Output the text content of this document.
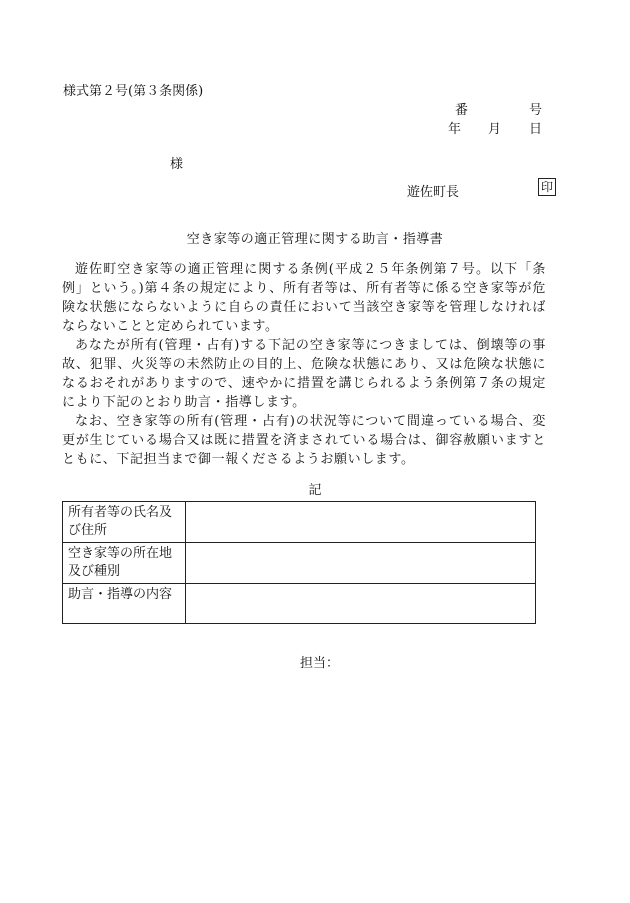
様式第２号(第３条関係)
番	号
年 月 日
様
遊佐町長	印
空き家等の適正管理に関する助言・指導書

遊佐町空き家等の適正管理に関する条例(平成２５年条例第７号。以下「条例」という。)第４条の規定により、所有者等は、所有者等に係る空き家等が危険な状態にならないように自らの責任において当該空き家等を管理しなければならないことと定められています。

あなたが所有(管理・占有)する下記の空き家等につきましては、倒壊等の事故、犯罪、火災等の未然防止の目的上、危険な状態にあり、又は危険な状態になるおそれがありますので、速やかに措置を講じられるよう条例第７条の規定により下記のとおり助言・指導します。

なお、空き家等の所有(管理・占有)の状況等について間違っている場合、変更が生じている場合又は既に措置を済まされている場合は、御容赦願いますとともに、下記担当まで御一報くださるようお願いします。

記
所有者等の氏名及び住所	
空き家等の所在地及び種別	
助言・指導の内容	
担当：
